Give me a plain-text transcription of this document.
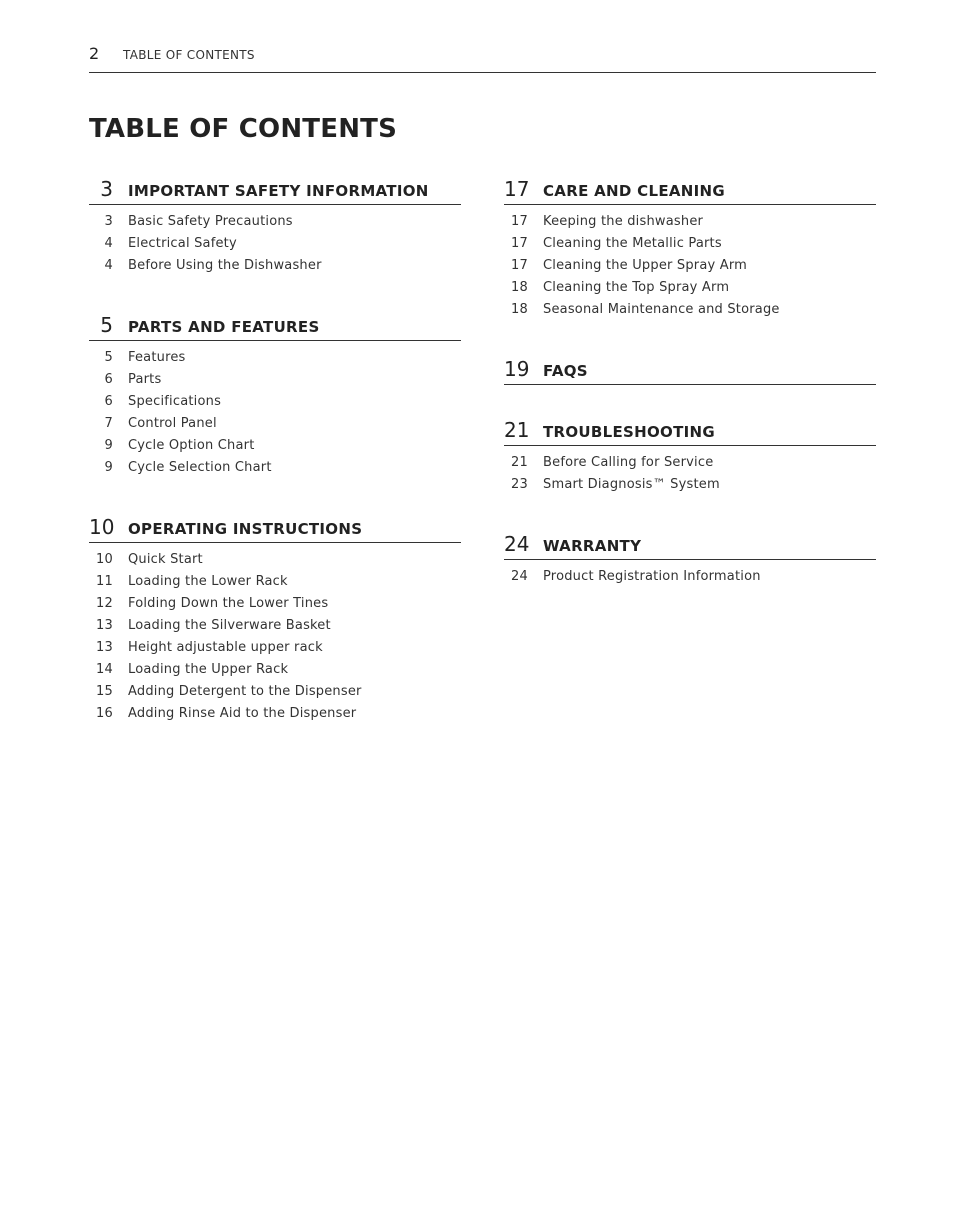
2 TABLE OF CONTENTS
TABLE OF CONTENTS
3 IMPORTANT SAFETY INFORMATION
3 Basic Safety Precautions
4 Electrical Safety
4 Before Using the Dishwasher
5 PARTS AND FEATURES
5 Features
6 Parts
6 Specifications
7 Control Panel
9 Cycle Option Chart
9 Cycle Selection Chart
10 OPERATING INSTRUCTIONS
10 Quick Start
11 Loading the Lower Rack
12 Folding Down the Lower Tines
13 Loading the Silverware Basket
13 Height adjustable upper rack
14 Loading the Upper Rack
15 Adding Detergent to the Dispenser
16 Adding Rinse Aid to the Dispenser
17 CARE AND CLEANING
17 Keeping the dishwasher
17 Cleaning the Metallic Parts
17 Cleaning the Upper Spray Arm
18 Cleaning the Top Spray Arm
18 Seasonal Maintenance and Storage
19 FAQS
21 TROUBLESHOOTING
21 Before Calling for Service
23 Smart Diagnosis™ System
24 WARRANTY
24 Product Registration Information
